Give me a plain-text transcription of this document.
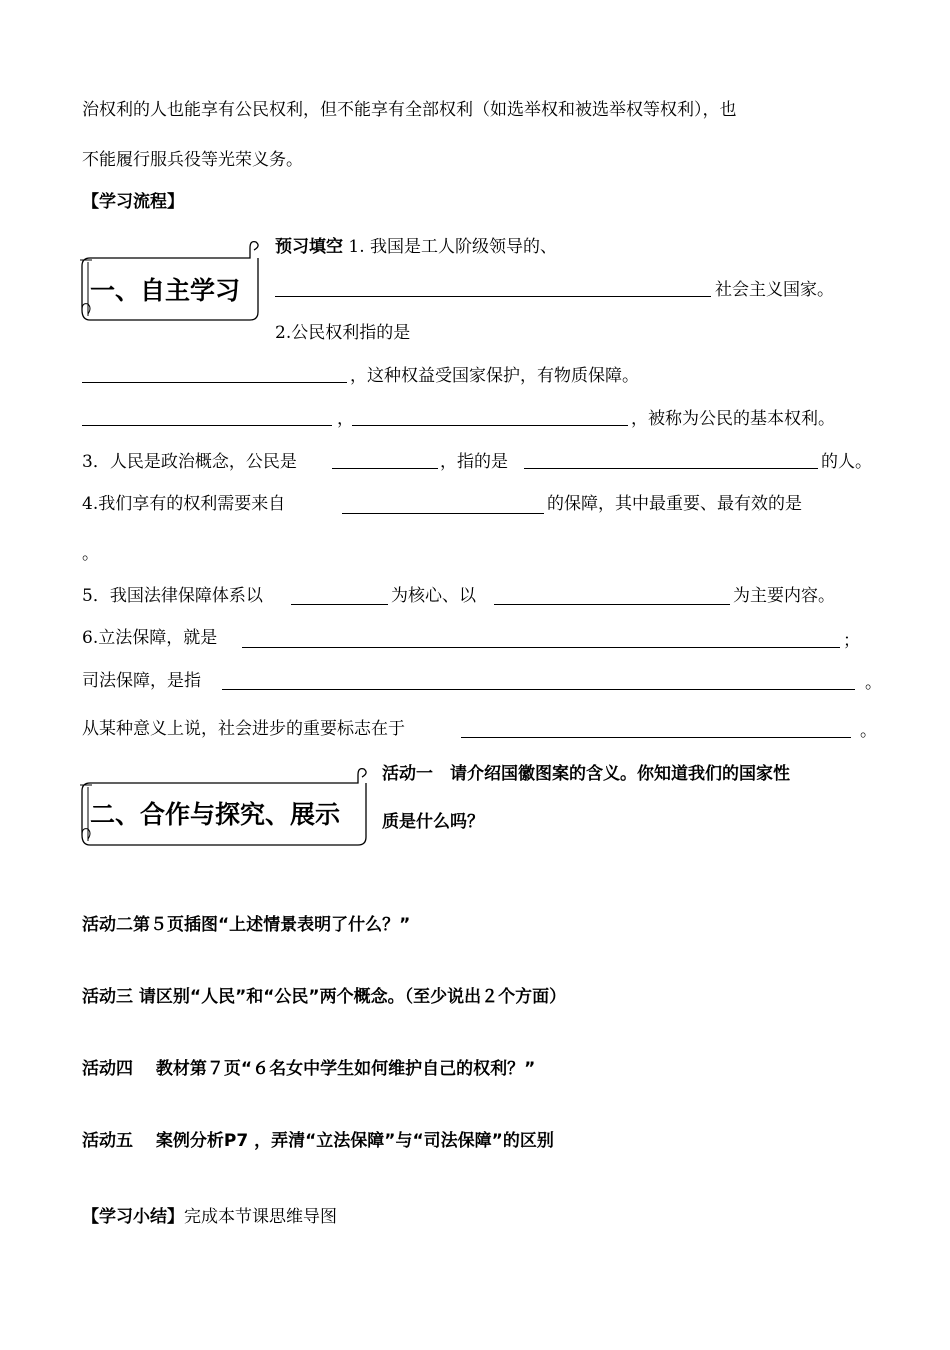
治权利的人也能享有公民权利，但不能享有全部权利（如选举权和被选举权等权利），也
不能履行服兵役等光荣义务。
【学习流程】
一、自主学习
预习填空 1. 我国是工人阶级领导的、
社会主义国家。
2.公民权利指的是
，这种权益受国家保护，有物质保障。
，	，被称为公民的基本权利。
3．人民是政治概念，公民是	，指的是	的人。
4.我们享有的权利需要来自	的保障，其中最重要、最有效的是
。
5．我国法律保障体系以	为核心、以	为主要内容。
6.立法保障，就是	；
司法保障，是指	。
从某种意义上说，社会进步的重要标志在于	。
二、合作与探究、展示
活动一　请介绍国徽图案的含义。你知道我们的国家性
质是什么吗？
活动二第５页插图“上述情景表明了什么？”
活动三 请区别“人民”和“公民”两个概念。（至少说出２个方面）
活动四　 教材第７页“６名女中学生如何维护自己的权利？”
活动五　 案例分析P7 ，弄清“立法保障”与“司法保障”的区别
【学习小结】完成本节课思维导图
